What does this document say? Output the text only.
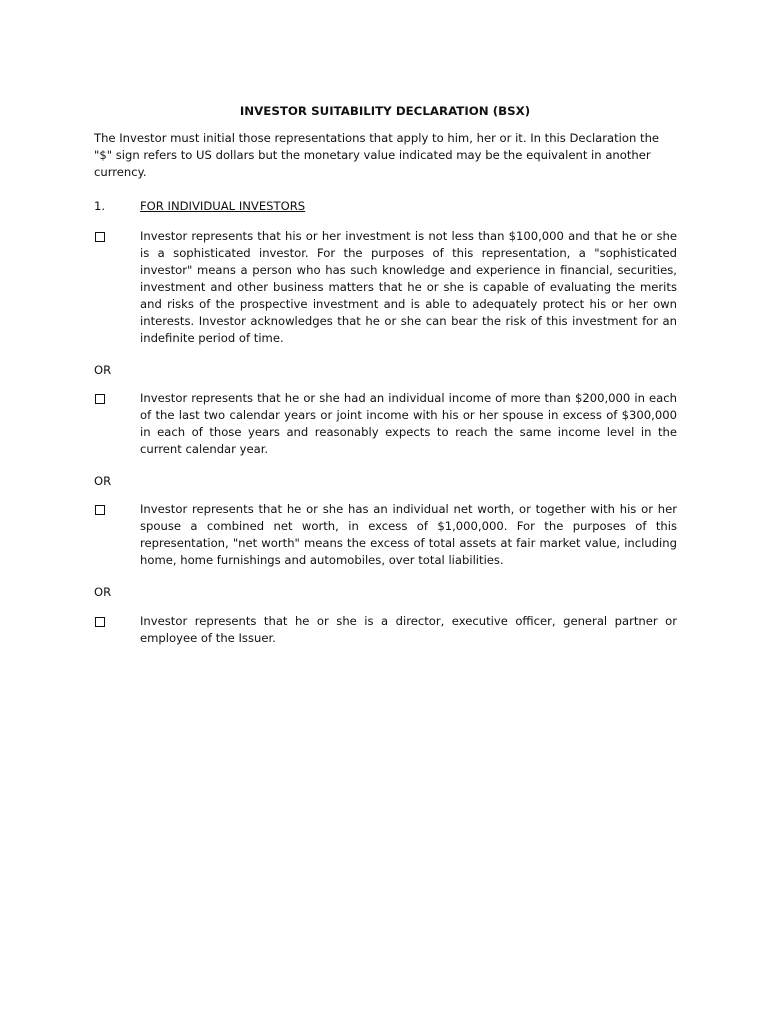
INVESTOR SUITABILITY DECLARATION (BSX)
The Investor must initial those representations that apply to him, her or it. In this Declaration the "$" sign refers to US dollars but the monetary value indicated may be the equivalent in another currency.
1.	FOR INDIVIDUAL INVESTORS
Investor represents that his or her investment is not less than $100,000 and that he or she is a sophisticated investor. For the purposes of this representation, a "sophisticated investor" means a person who has such knowledge and experience in financial, securities, investment and other business matters that he or she is capable of evaluating the merits and risks of the prospective investment and is able to adequately protect his or her own interests. Investor acknowledges that he or she can bear the risk of this investment for an indefinite period of time.
OR
Investor represents that he or she had an individual income of more than $200,000 in each of the last two calendar years or joint income with his or her spouse in excess of $300,000 in each of those years and reasonably expects to reach the same income level in the current calendar year.
OR
Investor represents that he or she has an individual net worth, or together with his or her spouse a combined net worth, in excess of $1,000,000. For the purposes of this representation, "net worth" means the excess of total assets at fair market value, including home, home furnishings and automobiles, over total liabilities.
OR
Investor represents that he or she is a director, executive officer, general partner or employee of the Issuer.
